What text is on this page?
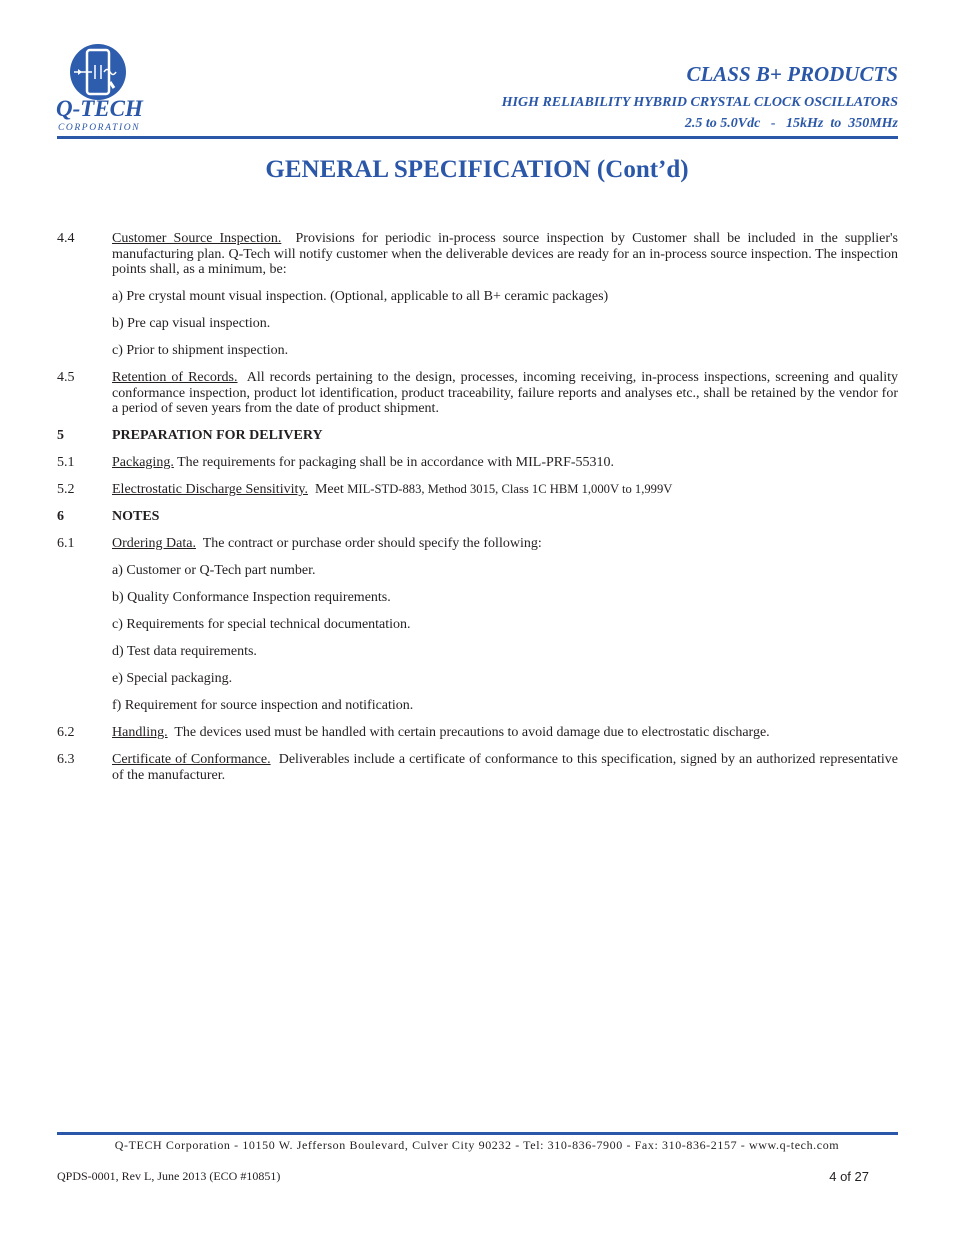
Q-TECH
CORPORATION
CLASS B+ PRODUCTS
HIGH RELIABILITY HYBRID CRYSTAL CLOCK OSCILLATORS
2.5 to 5.0Vdc   -   15kHz  to  350MHz
GENERAL SPECIFICATION (Cont’d)
4.4	Customer Source Inspection. Provisions for periodic in-process source inspection by Customer shall be included in the supplier's manufacturing plan. Q-Tech will notify customer when the deliverable devices are ready for an in-process source inspection. The inspection points shall, as a minimum, be:
a) Pre crystal mount visual inspection. (Optional, applicable to all B+ ceramic packages)
b) Pre cap visual inspection.
c) Prior to shipment inspection.
4.5	Retention of Records. All records pertaining to the design, processes, incoming receiving, in-process inspections, screening and quality conformance inspection, product lot identification, product traceability, failure reports and analyses etc., shall be retained by the vendor for a period of seven years from the date of product shipment.
5	PREPARATION FOR DELIVERY
5.1	Packaging. The requirements for packaging shall be in accordance with MIL-PRF-55310.
5.2	Electrostatic Discharge Sensitivity. Meet MIL-STD-883, Method 3015, Class 1C HBM 1,000V to 1,999V
6	NOTES
6.1	Ordering Data. The contract or purchase order should specify the following:
a) Customer or Q-Tech part number.
b) Quality Conformance Inspection requirements.
c) Requirements for special technical documentation.
d) Test data requirements.
e) Special packaging.
f) Requirement for source inspection and notification.
6.2	Handling. The devices used must be handled with certain precautions to avoid damage due to electrostatic discharge.
6.3	Certificate of Conformance. Deliverables include a certificate of conformance to this specification, signed by an authorized representative of the manufacturer.
Q-TECH Corporation - 10150 W. Jefferson Boulevard, Culver City 90232 - Tel: 310-836-7900 - Fax: 310-836-2157 - www.q-tech.com
QPDS-0001, Rev L, June 2013 (ECO #10851)	4 of 27
